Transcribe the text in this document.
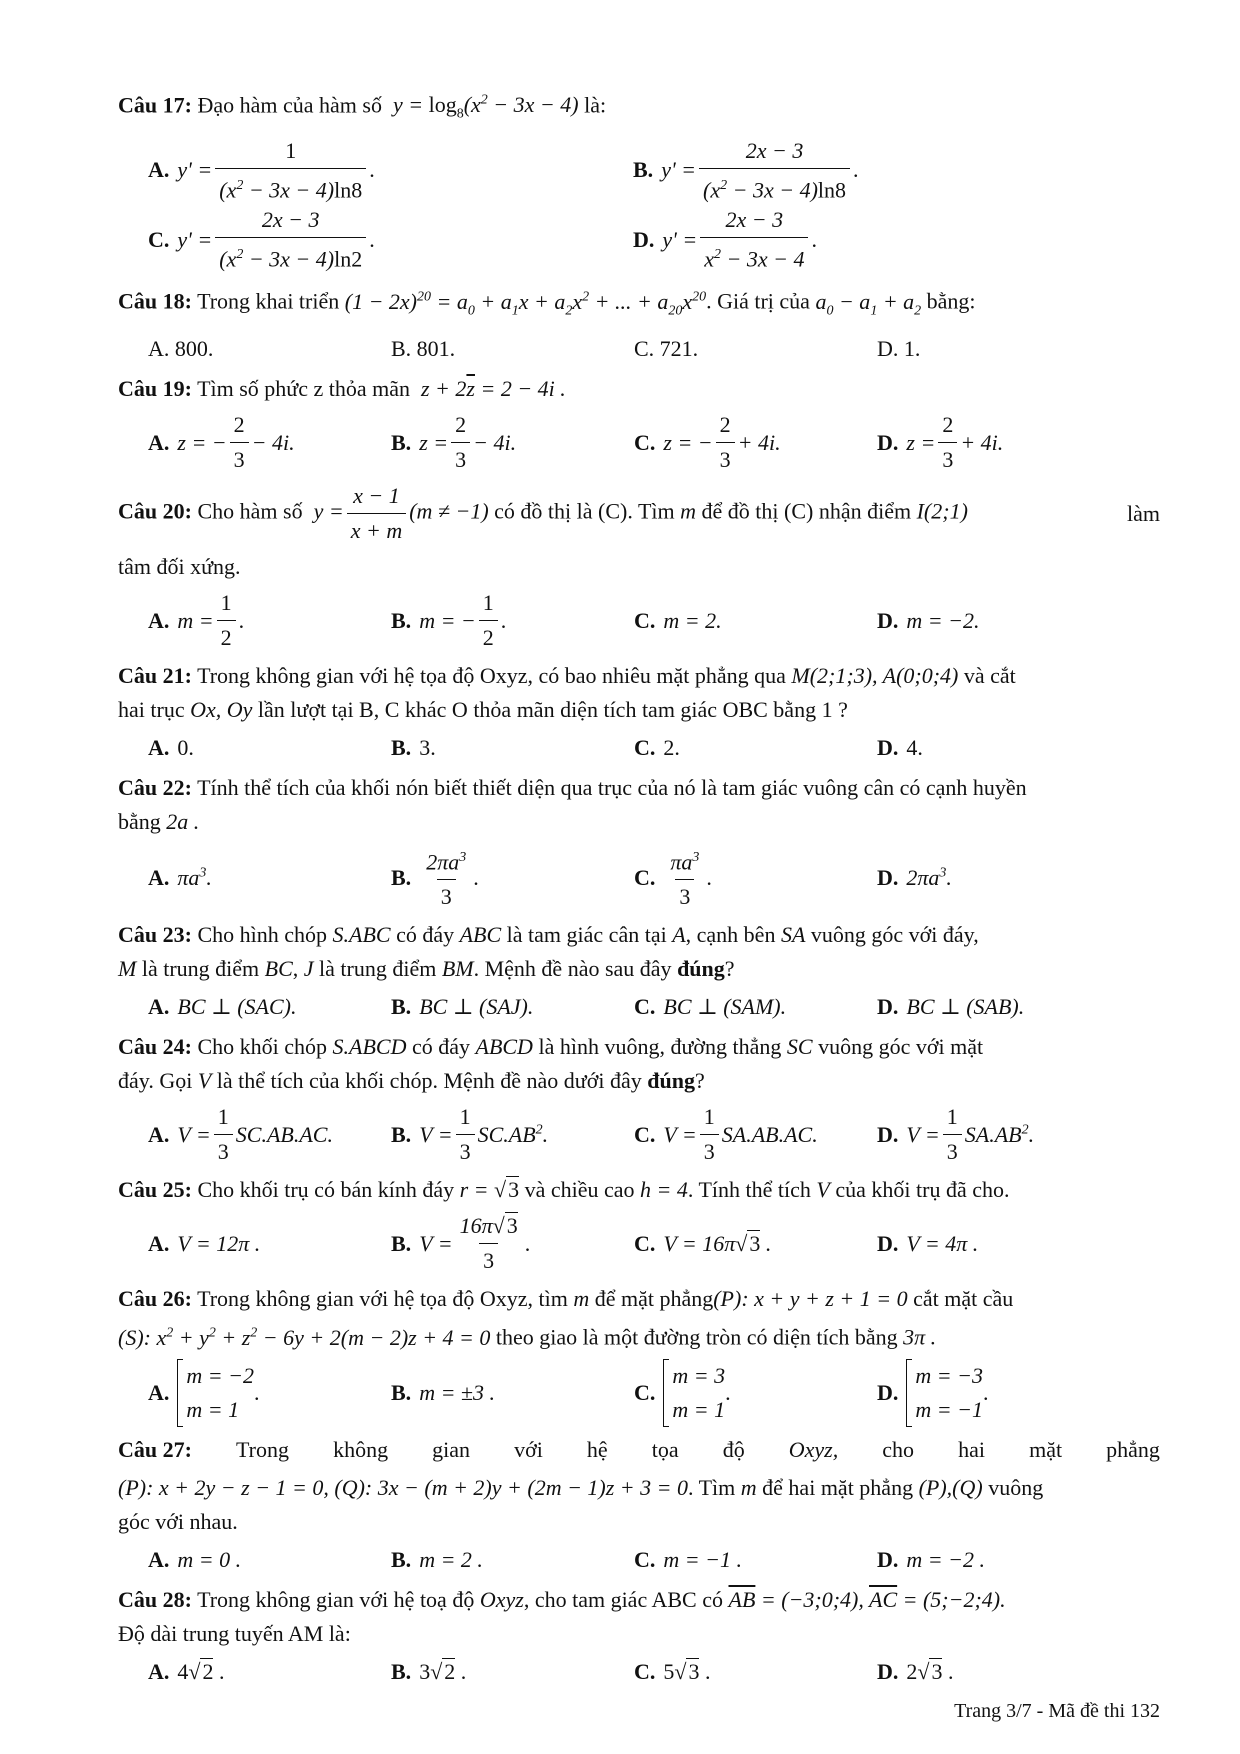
Câu 17: Đạo hàm của hàm số  $y = \log_8(x^2 - 3x - 4)$ là:
A. $y' = \frac{1}{(x^2 - 3x - 4)\ln 8}$ .	B. $y' = \frac{2x - 3}{(x^2 - 3x - 4)\ln 8}$ .
C. $y' = \frac{2x - 3}{(x^2 - 3x - 4)\ln 2}$ .	D. $y' = \frac{2x - 3}{x^2 - 3x - 4}$ .
Câu 18: Trong khai triển $(1 - 2x)^{20} = a_0 + a_1x + a_2x^2$ + ... + $a_{20}x^{20}$. Giá trị của $a_0 - a_1 + a_2$ bằng:
A. 800.	B. 801.	C. 721.	D. 1.
Câu 19: Tìm số phức z thỏa mãn  $z + 2\overline{z} = 2 - 4i$ .
A. z = − $\frac{2}{3} - 4i$.	B. $z = \frac{2}{3} - 4i$.	C. z = − $\frac{2}{3} + 4i$.	D. $z = \frac{2}{3} + 4i$.
Câu 20: Cho hàm số  $y = \frac{x - 1}{x + m} (m \ne -1)$ có đồ thị là (C). Tìm m để đồ thị (C) nhận điểm I(2;1)	làm
tâm đối xứng.
A. $m = \frac{1}{2}$ .	B. m = − $\frac{1}{2}$ .	C. m = 2.	D. m = −2.
Câu 21: Trong không gian với hệ tọa độ Oxyz, có bao nhiêu mặt phẳng qua M(2;1;3), A(0;0;4) và cắt
hai trục Ox, Oy lần lượt tại B, C khác O thỏa mãn diện tích tam giác OBC bằng 1 ?
A. 0.	B. 3.	C. 2.	D. 4.
Câu 22: Tính thể tích của khối nón biết thiết diện qua trục của nó là tam giác vuông cân có cạnh huyền
bằng 2a .
A. $\pi a^3$.	B. $\frac{2\pi a^3}{3}$ .	C. $\frac{\pi a^3}{3}$ .	D. $2\pi a^3$.
Câu 23: Cho hình chóp S.ABC có đáy ABC là tam giác cân tại A, cạnh bên SA vuông góc với đáy,
M là trung điểm BC, J là trung điểm BM. Mệnh đề nào sau đây đúng?
A. BC ⊥ (SAC).	B. BC ⊥ (SAJ).	C. BC ⊥ (SAM).	D. BC ⊥ (SAB).
Câu 24: Cho khối chóp S.ABCD có đáy ABCD là hình vuông, đường thẳng SC vuông góc với mặt
đáy. Gọi V là thể tích của khối chóp. Mệnh đề nào dưới đây đúng?
A. $V = \frac{1}{3} SC.AB.AC$.	B. $V = \frac{1}{3} SC.AB^2$.	C. $V = \frac{1}{3} SA.AB.AC$.	D. $V = \frac{1}{3} SA.AB^2$.
Câu 25: Cho khối trụ có bán kính đáy r = √3 và chiều cao h = 4. Tính thể tích V của khối trụ đã cho.
A. V = 12π .	B. $V = \frac{16\pi√3}{3}$ .	C. V = 16π√3 .	D. V = 4π .
Câu 26: Trong không gian với hệ tọa độ Oxyz, tìm m để mặt phẳng(P): x + y + z + 1 = 0 cắt mặt cầu
(S): $x^2 + y^2 + z^2 - 6y + 2(m - 2)z + 4 = 0$ theo giao là một đường tròn có diện tích bằng 3π .
A.
m = −2
m = 1
.	B. m = ±3 .	C.
m = 3
m = 1
.	D.
m = −3
m = −1
.
Câu 27: Trong không gian với hệ tọa độ Oxyz, cho hai mặt phẳng
(P): x + 2y − z − 1 = 0, (Q): 3x − (m + 2)y + (2m − 1)z + 3 = 0. Tìm m để hai mặt phẳng (P),(Q) vuông
góc với nhau.
A. m = 0 .	B. m = 2 .	C. m = −1 .	D. m = −2 .
Câu 28: Trong không gian với hệ toạ độ Oxyz, cho tam giác ABC có $\overline{AB}$ = (−3;0;4), $\overline{AC}$ = (5;−2;4).
Độ dài trung tuyến AM là:
A. 4√2 .	B. 3√2 .	C. 5√3 .	D. 2√3 .
Trang 3/7 - Mã đề thi 132
